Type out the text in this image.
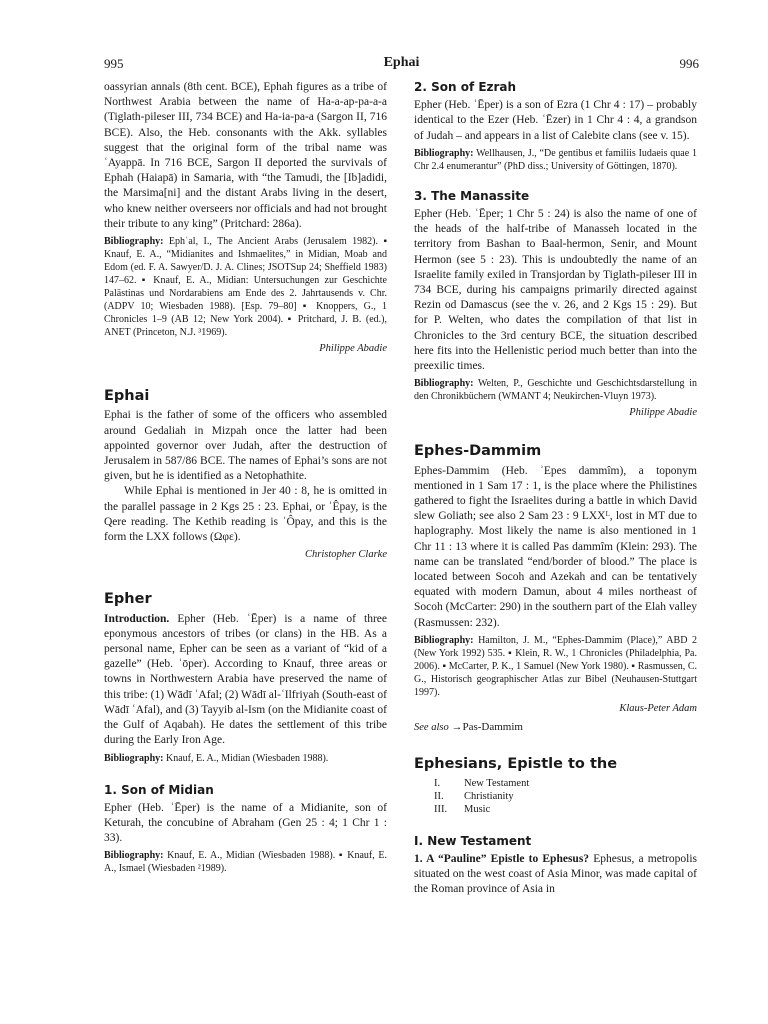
995	Ephai	996

oassyrian annals (8th cent. BCE), Ephah figures as a tribe of Northwest Arabia between the name of Ha-a-ap-pa-a-a (Tiglath-pileser III, 734 BCE) and Ha-ia-pa-a (Sargon II, 716 BCE). Also, the Heb. consonants with the Akk. syllables suggest that the original form of the tribal name was ʿAyappā. In 716 BCE, Sargon II deported the survivals of Ephah (Haiapā) in Samaria, with “the Tamudi, the [Ib]adidi, the Marsima[ni] and the distant Arabs living in the desert, who knew neither overseers nor officials and had not brought their tribute to any king” (Pritchard: 286a).

Bibliography: Ephʿal, I., The Ancient Arabs (Jerusalem 1982). ▪ Knauf, E. A., “Midianites and Ishmaelites,” in Midian, Moab and Edom (ed. F. A. Sawyer/D. J. A. Clines; JSOTSup 24; Sheffield 1983) 147–62. ▪ Knauf, E. A., Midian: Untersuchungen zur Geschichte Palästinas und Nordarabiens am Ende des 2. Jahrtausends v. Chr. (ADPV 10; Wiesbaden 1988). [Esp. 79–80] ▪ Knoppers, G., 1 Chronicles 1–9 (AB 12; New York 2004). ▪ Pritchard, J. B. (ed.), ANET (Princeton, N.J. ³1969).
Philippe Abadie
Ephai

Ephai is the father of some of the officers who assembled around Gedaliah in Mizpah once the latter had been appointed governor over Judah, after the destruction of Jerusalem in 587/86 BCE. The names of Ephai’s sons are not given, but he is identified as a Netophathite.

While Ephai is mentioned in Jer 40 : 8, he is omitted in the parallel passage in 2 Kgs 25 : 23. Ephai, or ʿÊpay, is the Qere reading. The Kethib reading is ʿÔpay, and this is the form the LXX follows (Ωφε).

Christopher Clarke
Epher

Introduction. Epher (Heb. ʿĒper) is a name of three eponymous ancestors of tribes (or clans) in the HB. As a personal name, Epher can be seen as a variant of “kid of a gazelle” (Heb. ʿōper). According to Knauf, three areas or towns in Northwestern Arabia have preserved the name of this tribe: (1) Wādī ʿAfal; (2) Wādī al-ʿIlfriyah (South-east of Wādī ʿAfal), and (3) Tayyib al-Ism (on the Midianite coast of the Gulf of Aqabah). He dates the settlement of this tribe during the Early Iron Age.

Bibliography: Knauf, E. A., Midian (Wiesbaden 1988).
1. Son of Midian

Epher (Heb. ʿĒper) is the name of a Midianite, son of Keturah, the concubine of Abraham (Gen 25 : 4; 1 Chr 1 : 33).

Bibliography: Knauf, E. A., Midian (Wiesbaden 1988). ▪ Knauf, E. A., Ismael (Wiesbaden ²1989).
2. Son of Ezrah

Epher (Heb. ʿĒper) is a son of Ezra (1 Chr 4 : 17) – probably identical to the Ezer (Heb. ʿĒzer) in 1 Chr 4 : 4, a grandson of Judah – and appears in a list of Calebite clans (see v. 15).

Bibliography: Wellhausen, J., “De gentibus et familiis Iudaeis quae 1 Chr 2.4 enumerantur” (PhD diss.; University of Göttingen, 1870).
3. The Manassite

Epher (Heb. ʿĒper; 1 Chr 5 : 24) is also the name of one of the heads of the half-tribe of Manasseh located in the territory from Bashan to Baal-hermon, Senir, and Mount Hermon (see 5 : 23). This is undoubtedly the name of an Israelite family exiled in Transjordan by Tiglath-pileser III in 734 BCE, during his campaigns primarily directed against Rezin od Damascus (see the v. 26, and 2 Kgs 15 : 29). But for P. Welten, who dates the compilation of that list in Chronicles to the 3rd century BCE, the situation described here fits into the Hellenistic period much better than into the preexilic times.

Bibliography: Welten, P., Geschichte und Geschichtsdarstellung in den Chronikbüchern (WMANT 4; Neukirchen-Vluyn 1973).
Philippe Abadie
Ephes-Dammim

Ephes-Dammim (Heb. ʾEpes dammîm), a toponym mentioned in 1 Sam 17 : 1, is the place where the Philistines gathered to fight the Israelites during a battle in which David slew Goliath; see also 2 Sam 23 : 9 LXXᴸ, lost in MT due to haplography. Most likely the name is also mentioned in 1 Chr 11 : 13 where it is called Pas dammîm (Klein: 293). The name can be translated “end/border of blood.” The place is located between Socoh and Azekah and can be tentatively equated with modern Damun, about 4 miles northeast of Socoh (McCarter: 290) in the southern part of the Elah valley (Rasmussen: 232).

Bibliography: Hamilton, J. M., “Ephes-Dammim (Place),” ABD 2 (New York 1992) 535. ▪ Klein, R. W., 1 Chronicles (Philadelphia, Pa. 2006). ▪ McCarter, P. K., 1 Samuel (New York 1980). ▪ Rasmussen, C. G., Historisch geographischer Atlas zur Bibel (Neuhausen-Stuttgart 1997).
Klaus-Peter Adam
See also →Pas-Dammim
Ephesians, Epistle to the
I.	New Testament
II.	Christianity
III.	Music
I. New Testament

1. A “Pauline” Epistle to Ephesus? Ephesus, a metropolis situated on the west coast of Asia Minor, was made capital of the Roman province of Asia in
